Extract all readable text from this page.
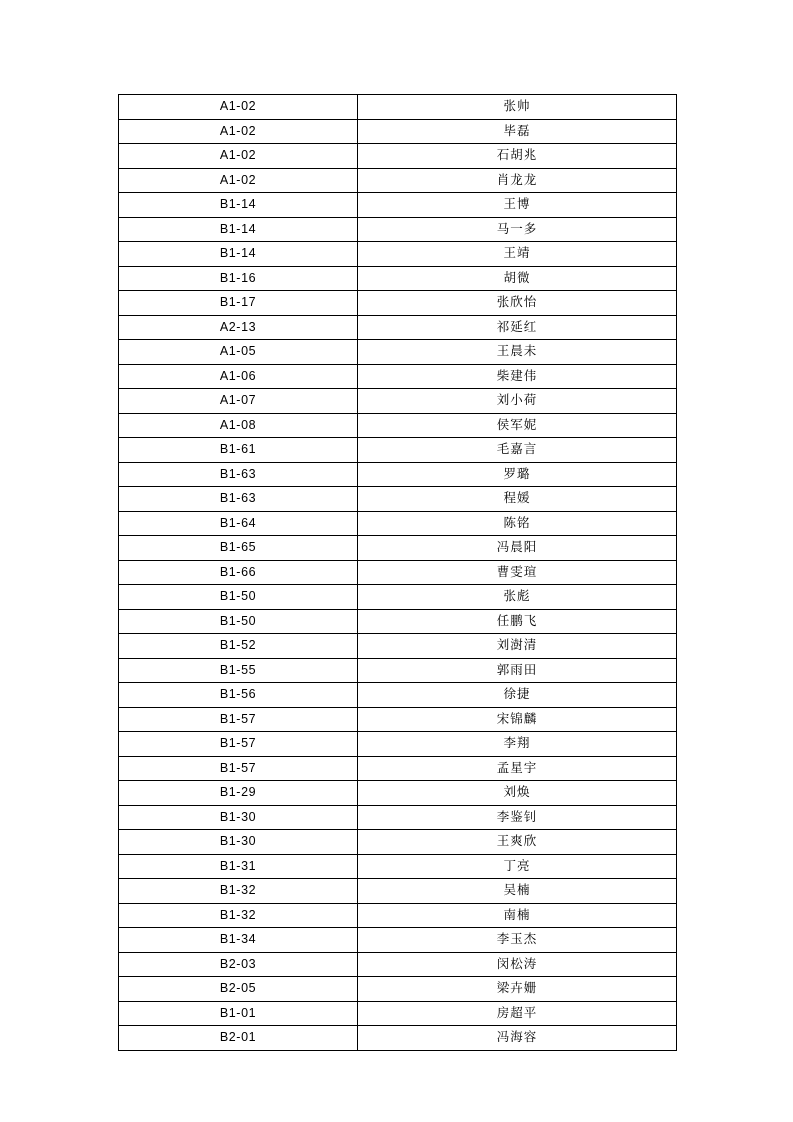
A1-02	张帅
A1-02	毕磊
A1-02	石胡兆
A1-02	肖龙龙
B1-14	王博
B1-14	马一多
B1-14	王靖
B1-16	胡微
B1-17	张欣怡
A2-13	祁延红
A1-05	王晨未
A1-06	柴建伟
A1-07	刘小荷
A1-08	侯军妮
B1-61	毛嘉言
B1-63	罗璐
B1-63	程媛
B1-64	陈铭
B1-65	冯晨阳
B1-66	曹雯瑄
B1-50	张彪
B1-50	任鹏飞
B1-52	刘澍清
B1-55	郭雨田
B1-56	徐捷
B1-57	宋锦麟
B1-57	李翔
B1-57	孟星宇
B1-29	刘焕
B1-30	李鉴钊
B1-30	王爽欣
B1-31	丁亮
B1-32	吴楠
B1-32	南楠
B1-34	李玉杰
B2-03	闵松涛
B2-05	梁卉姗
B1-01	房超平
B2-01	冯海容
